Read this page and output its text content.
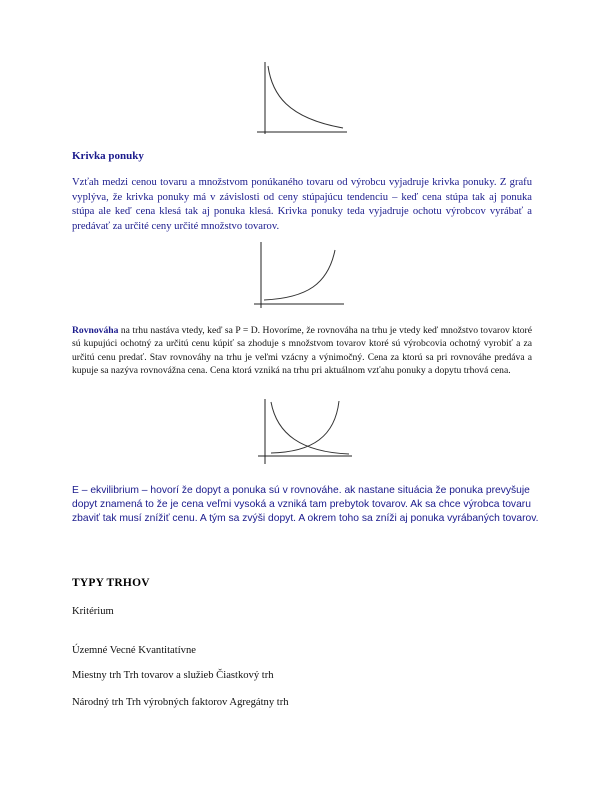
Krivka ponuky
Vzťah medzi cenou tovaru a množstvom ponúkaného tovaru od výrobcu vyjadruje krivka ponuky. Z grafu vyplýva, že krivka ponuky má v závislosti od ceny stúpajúcu tendenciu – keď cena stúpa tak aj ponuka stúpa ale keď cena klesá tak aj ponuka klesá. Krivka ponuky teda vyjadruje ochotu výrobcov vyrábať a predávať za určité ceny určité množstvo tovarov.
Rovnováha na trhu nastáva vtedy, keď sa P = D. Hovoríme, že rovnováha na trhu je vtedy keď množstvo tovarov ktoré sú kupujúci ochotný za určitú cenu kúpiť sa zhoduje s množstvom tovarov ktoré sú výrobcovia ochotný vyrobiť a za určitú cenu predať. Stav rovnováhy na trhu je veľmi vzácny a výnimočný. Cena za ktorú sa pri rovnováhe predáva a kupuje sa nazýva rovnovážna cena. Cena ktorá vzniká na trhu pri aktuálnom vzťahu ponuky a dopytu trhová cena.
E – ekvilibrium – hovorí že dopyt a ponuka sú v rovnováhe. ak nastane situácia že ponuka prevyšuje dopyt znamená to že je cena veľmi vysoká a vzniká tam prebytok tovarov. Ak sa chce výrobca tovaru zbaviť tak musí znížiť cenu. A tým sa zvýši dopyt. A okrem toho sa zníži aj ponuka vyrábaných tovarov.
TYPY TRHOV
Kritérium
Územné Vecné Kvantitatívne
Miestny trh Trh tovarov a služieb Čiastkový trh
Národný trh Trh výrobných faktorov Agregátny trh
